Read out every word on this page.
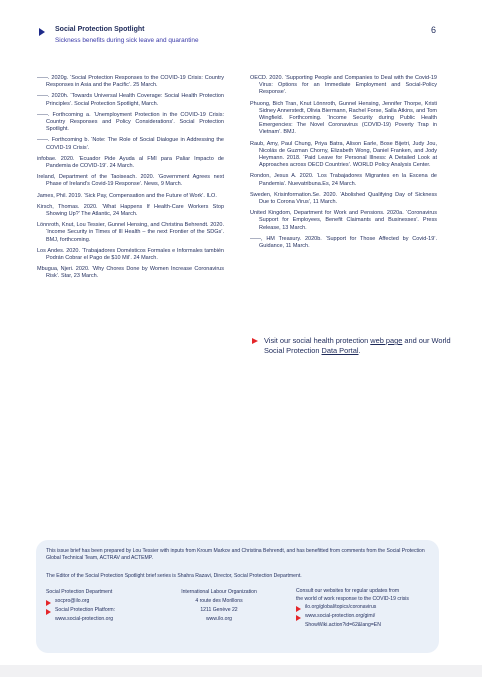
Social Protection Spotlight
Sickness benefits during sick leave and quarantine
6

——. 2020g. ‘Social Protection Responses to the COVID-19 Crisis: Country Responses in Asia and the Pacific’. 25 March.

——. 2020h. ‘Towards Universal Health Coverage: Social Health Protection Principles’. Social Protection Spotlight, March.

——. Forthcoming a. ‘Unemployment Protection in the COVID-19 Crisis: Country Responses and Policy Considerations’. Social Protection Spotlight.

——. Forthcoming b. ‘Note: The Role of Social Dialogue in Addressing the COVID-19 Crisis’.

infobae. 2020. ‘Ecuador Pide Ayuda al FMI para Paliar Impacto de Pandemia de COVID-19’. 24 March.

Ireland, Department of the Taoiseach. 2020. ‘Government Agrees next Phase of Ireland’s Covid-19 Response’. News, 9 March.

James, Phil. 2019. ‘Sick Pay, Compensation and the Future of Work’. ILO.

Kirsch, Thomas. 2020. ‘What Happens If Health-Care Workers Stop Showing Up?’ The Atlantic, 24 March.

Lönnroth, Knut, Lou Tessier, Gunnel Hensing, and Christina Behrendt. 2020. ‘Income Security in Times of Ill Health – the next Frontier of the SDGs’. BMJ, forthcoming.

Los Andes. 2020. ‘Trabajadores Domésticos Formales e Informales también Podrán Cobrar el Pago de $10 Mil’. 24 March.

Mbugua, Njeri. 2020. ‘Why Chores Done by Women Increase Coronavirus Risk’. Star, 23 March.

OECD. 2020. ‘Supporting People and Companies to Deal with the Covid-19 Virus: Options for an Immediate Employment and Social-Policy Response’.

Phuong, Bich Tran, Knut Lönnroth, Gunnel Hensing, Jennifer Thorpe, Kristi Sidney Annerstedt, Olivia Biermann, Rachel Forse, Salla Atkins, and Tom Wingfield. Forthcoming. ‘Income Security during Public Health Emergencies: The Novel Coronavirus (COVID-19) Poverty Trap in Vietnam’. BMJ.

Raub, Amy, Paul Chung, Priya Batra, Alison Earle, Bose Bijetri, Judy Jou, Nicolás de Guzman Chorny, Elizabeth Wong, Daniel Franken, and Jody Heymann. 2018. ‘Paid Leave for Personal Illness: A Detailed Look at Approaches across OECD Countries’. WORLD Policy Analysis Center.

Rondon, Jesus A. 2020. ‘Los Trabajadores Migrantes en la Escena de Pandemia’. Nuevatribuna.Es, 24 March.

Sweden, Krisinformation.Se. 2020. ‘Abolished Qualifying Day of Sickness Due to Corona Virus’, 11 March.

United Kingdom, Department for Work and Pensions. 2020a. ‘Coronavirus Support for Employees, Benefit Claimants and Businesses’. Press Release, 13 March.

——, HM Treasury. 2020b. ‘Support for Those Affected by Covid-19’. Guidance, 11 March.

Visit our social health protection web page and our World Social Protection Data Portal.
This issue brief has been prepared by Lou Tessier with inputs from Kroum Markov and Christina Behrendt, and has benefitted from comments from the Social Protection Global Technical Team, ACTRAV and ACTEMP.
The Editor of the Social Protection Spotlight brief series is Shahra Razavi, Director, Social Protection Department.
Social Protection Department
socpro@ilo.org
Social Protection Platform:
www.social-protection.org
International Labour Organization
4 route des Morillons
1211 Genève 22
www.ilo.org
Consult our websites for regular updates from
the world of work response to the COVID-19 crisis
ilo.org/global/topics/coronavirus
www.social-protection.org/gimi/
ShowWiki.action?id=62&lang=EN
